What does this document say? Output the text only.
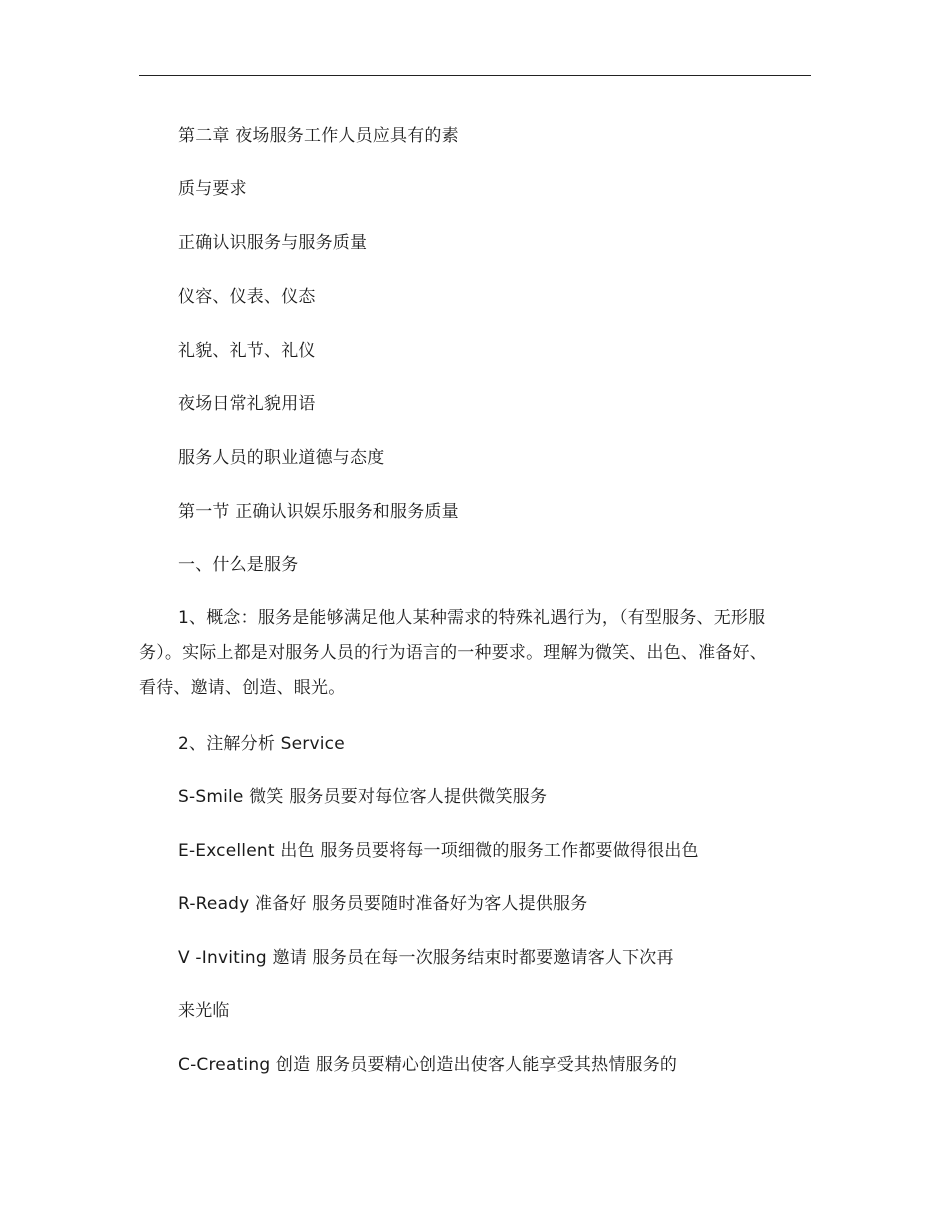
第二章 夜场服务工作人员应具有的素
质与要求
正确认识服务与服务质量
仪容、仪表、仪态
礼貌、礼节、礼仪
夜场日常礼貌用语
服务人员的职业道德与态度
第一节 正确认识娱乐服务和服务质量
一、什么是服务
1、概念：服务是能够满足他人某种需求的特殊礼遇行为，（有型服务、无形服务）。实际上都是对服务人员的行为语言的一种要求。理解为微笑、出色、准备好、看待、邀请、创造、眼光。
2、注解分析 Service
S-Smile 微笑 服务员要对每位客人提供微笑服务
E-Excellent 出色 服务员要将每一项细微的服务工作都要做得很出色
R-Ready 准备好 服务员要随时准备好为客人提供服务
V -Inviting 邀请 服务员在每一次服务结束时都要邀请客人下次再
来光临
C-Creating 创造 服务员要精心创造出使客人能享受其热情服务的
